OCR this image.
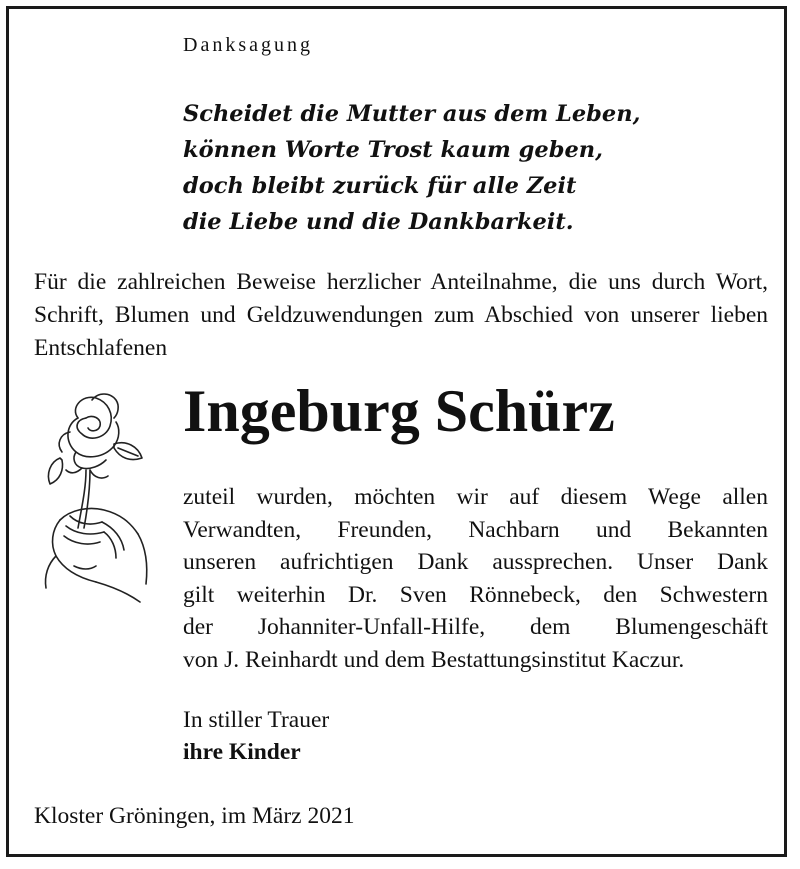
Danksagung
Scheidet die Mutter aus dem Leben,
können Worte Trost kaum geben,
doch bleibt zurück für alle Zeit
die Liebe und die Dankbarkeit.

Für die zahlreichen Beweise herzlicher Anteilnahme, die uns durch Wort, Schrift, Blumen und Geldzuwendungen zum Abschied von unserer lieben Entschlafenen

Ingeburg Schürz
zuteil wurden, möchten wir auf diesem Wege allen
Verwandten, Freunden, Nachbarn und Bekannten
unseren aufrichtigen Dank aussprechen. Unser Dank
gilt weiterhin Dr. Sven Rönnebeck, den Schwestern
der Johanniter-Unfall-Hilfe, dem Blumengeschäft
von J. Reinhardt und dem Bestattungsinstitut Kaczur.
In stiller Trauer
ihre Kinder
Kloster Gröningen, im März 2021
